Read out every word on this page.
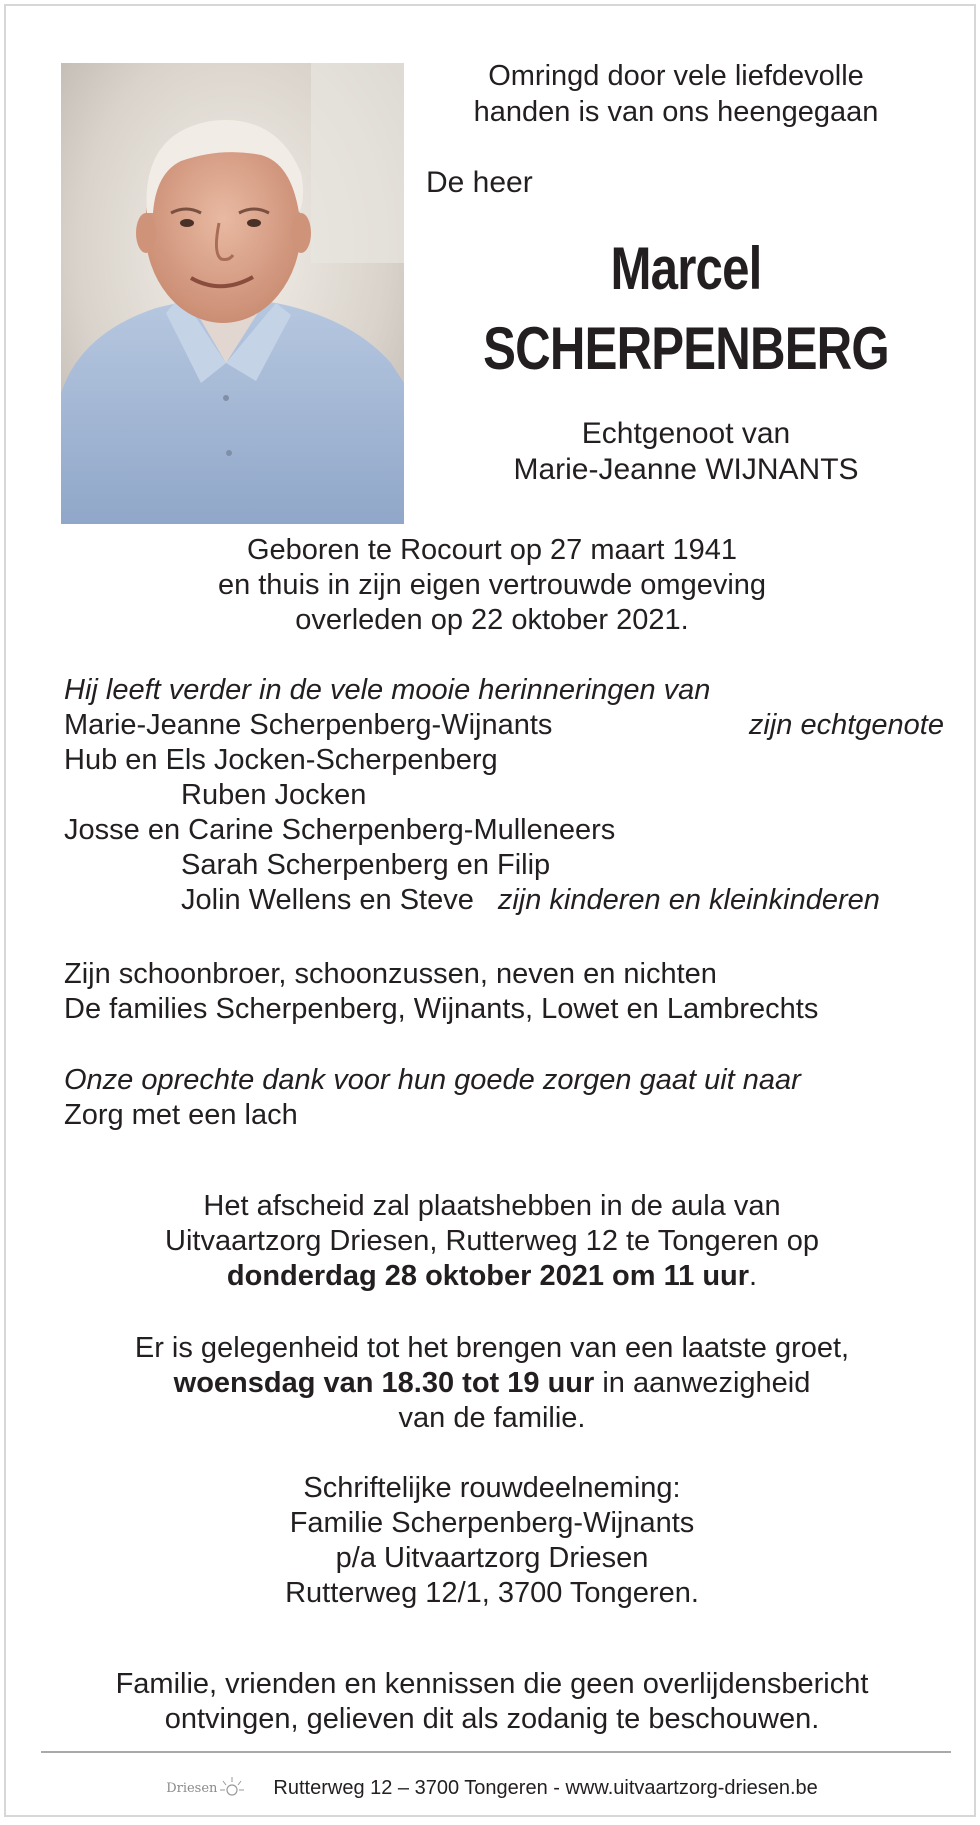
Omringd door vele liefdevolle
handen is van ons heengegaan
De heer
Marcel
SCHERPENBERG
Echtgenoot van
Marie-Jeanne WIJNANTS
Geboren te Rocourt op 27 maart 1941
en thuis in zijn eigen vertrouwde omgeving
overleden op 22 oktober 2021.
Hij leeft verder in de vele mooie herinneringen van
Marie-Jeanne Scherpenberg-Wijnants	zijn echtgenote
Hub en Els Jocken-Scherpenberg
Ruben Jocken
Josse en Carine Scherpenberg-Mulleneers
Sarah Scherpenberg en Filip
Jolin Wellens en Steve zijn kinderen en kleinkinderen
Zijn schoonbroer, schoonzussen, neven en nichten
De families Scherpenberg, Wijnants, Lowet en Lambrechts
Onze oprechte dank voor hun goede zorgen gaat uit naar
Zorg met een lach
Het afscheid zal plaatshebben in de aula van
Uitvaartzorg Driesen, Rutterweg 12 te Tongeren op
donderdag 28 oktober 2021 om 11 uur.
Er is gelegenheid tot het brengen van een laatste groet,
woensdag van 18.30 tot 19 uur in aanwezigheid
van de familie.
Schriftelijke rouwdeelneming:
Familie Scherpenberg-Wijnants
p/a Uitvaartzorg Driesen
Rutterweg 12/1, 3700 Tongeren.
Familie, vrienden en kennissen die geen overlijdensbericht
ontvingen, gelieven dit als zodanig te beschouwen.
Driesen	Rutterweg 12 – 3700 Tongeren - www.uitvaartzorg-driesen.be
